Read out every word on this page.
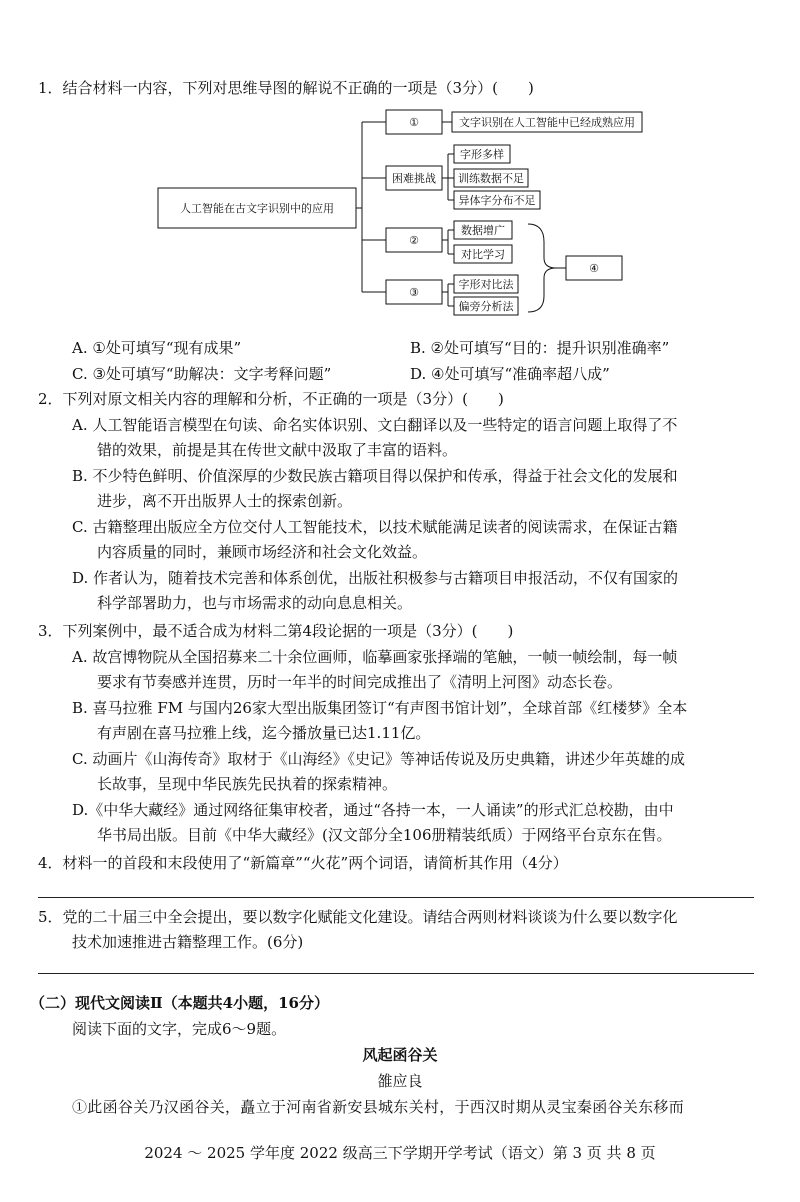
1．结合材料一内容，下列对思维导图的解说不正确的一项是（3分）(　　)
人工智能在古文字识别中的应用
①	文字识别在人工智能中已经成熟应用
困难挑战
字形多样
训练数据不足
异体字分布不足
②
数据增广
对比学习
③
字形对比法
偏旁分析法
④
A. ①处可填写“现有成果”	B. ②处可填写“目的：提升识别准确率”
C. ③处可填写“助解决：文字考释问题”	D. ④处可填写“准确率超八成”
2．下列对原文相关内容的理解和分析，不正确的一项是（3分）(　　)
A. 人工智能语言模型在句读、命名实体识别、文白翻译以及一些特定的语言问题上取得了不
错的效果，前提是其在传世文献中汲取了丰富的语料。
B. 不少特色鲜明、价值深厚的少数民族古籍项目得以保护和传承，得益于社会文化的发展和
进步，离不开出版界人士的探索创新。
C. 古籍整理出版应全方位交付人工智能技术，以技术赋能满足读者的阅读需求，在保证古籍
内容质量的同时，兼顾市场经济和社会文化效益。
D. 作者认为，随着技术完善和体系创优，出版社积极参与古籍项目申报活动，不仅有国家的
科学部署助力，也与市场需求的动向息息相关。
3．下列案例中，最不适合成为材料二第4段论据的一项是（3分）(　　)
A. 故宫博物院从全国招募来二十余位画师，临摹画家张择端的笔触，一帧一帧绘制，每一帧
要求有节奏感并连贯，历时一年半的时间完成推出了《清明上河图》动态长卷。
B. 喜马拉雅 FM 与国内26家大型出版集团签订“有声图书馆计划”，全球首部《红楼梦》全本
有声剧在喜马拉雅上线，迄今播放量已达1.11亿。
C. 动画片《山海传奇》取材于《山海经》《史记》等神话传说及历史典籍，讲述少年英雄的成
长故事，呈现中华民族先民执着的探索精神。
D.《中华大藏经》通过网络征集审校者，通过“各持一本，一人诵读”的形式汇总校勘，由中
华书局出版。目前《中华大藏经》(汉文部分全106册精装纸质）于网络平台京东在售。
4．材料一的首段和末段使用了“新篇章”“火花”两个词语，请简析其作用（4分）
5．党的二十届三中全会提出，要以数字化赋能文化建设。请结合两则材料谈谈为什么要以数字化
技术加速推进古籍整理工作。(6分)
（二）现代文阅读Ⅱ（本题共4小题，16分）
阅读下面的文字，完成6～9题。
风起函谷关
雒应良
①此函谷关乃汉函谷关，矗立于河南省新安县城东关村，于西汉时期从灵宝秦函谷关东移而
2024 ～ 2025 学年度 2022 级高三下学期开学考试（语文）第 3 页 共 8 页
